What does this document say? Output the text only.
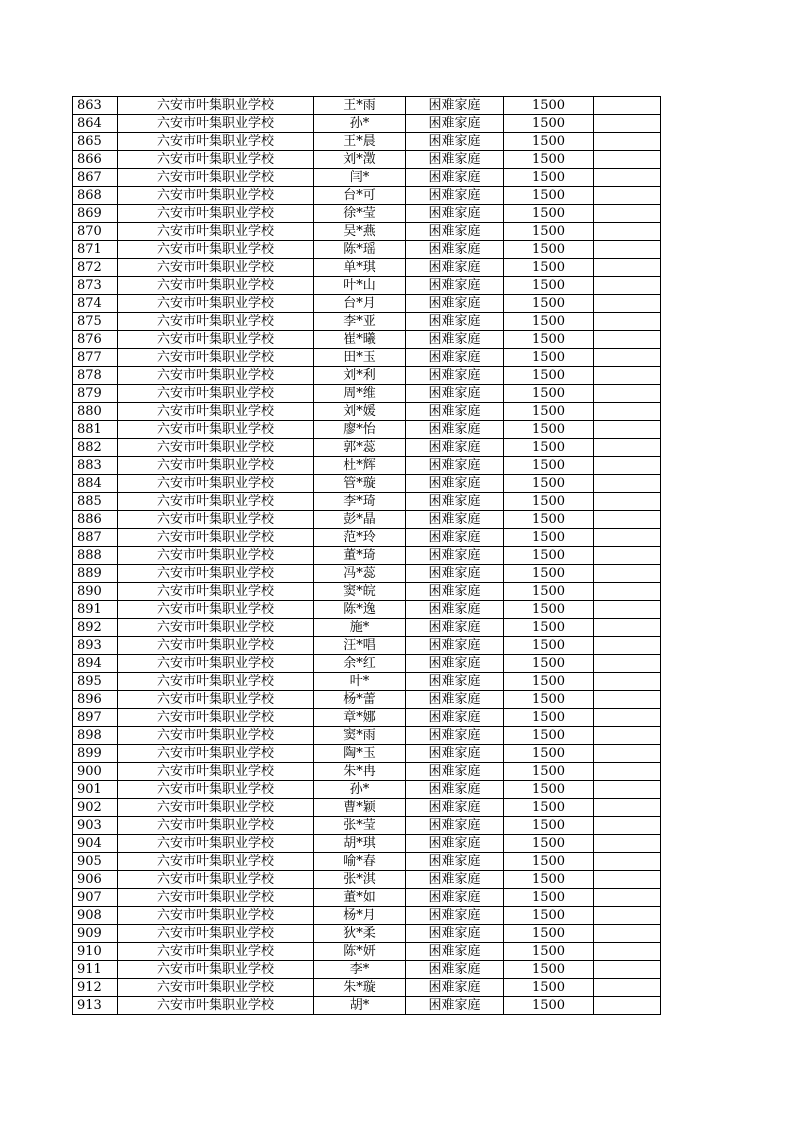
863	六安市叶集职业学校	王*雨	困难家庭	1500	
864	六安市叶集职业学校	孙*	困难家庭	1500	
865	六安市叶集职业学校	王*晨	困难家庭	1500	
866	六安市叶集职业学校	刘*澂	困难家庭	1500	
867	六安市叶集职业学校	闫*	困难家庭	1500	
868	六安市叶集职业学校	台*可	困难家庭	1500	
869	六安市叶集职业学校	徐*莹	困难家庭	1500	
870	六安市叶集职业学校	吴*燕	困难家庭	1500	
871	六安市叶集职业学校	陈*瑶	困难家庭	1500	
872	六安市叶集职业学校	单*琪	困难家庭	1500	
873	六安市叶集职业学校	叶*山	困难家庭	1500	
874	六安市叶集职业学校	台*月	困难家庭	1500	
875	六安市叶集职业学校	李*亚	困难家庭	1500	
876	六安市叶集职业学校	崔*曦	困难家庭	1500	
877	六安市叶集职业学校	田*玉	困难家庭	1500	
878	六安市叶集职业学校	刘*利	困难家庭	1500	
879	六安市叶集职业学校	周*维	困难家庭	1500	
880	六安市叶集职业学校	刘*媛	困难家庭	1500	
881	六安市叶集职业学校	廖*怡	困难家庭	1500	
882	六安市叶集职业学校	郭*蕊	困难家庭	1500	
883	六安市叶集职业学校	杜*辉	困难家庭	1500	
884	六安市叶集职业学校	管*璇	困难家庭	1500	
885	六安市叶集职业学校	李*琦	困难家庭	1500	
886	六安市叶集职业学校	彭*晶	困难家庭	1500	
887	六安市叶集职业学校	范*玲	困难家庭	1500	
888	六安市叶集职业学校	董*琦	困难家庭	1500	
889	六安市叶集职业学校	冯*蕊	困难家庭	1500	
890	六安市叶集职业学校	窦*皖	困难家庭	1500	
891	六安市叶集职业学校	陈*逸	困难家庭	1500	
892	六安市叶集职业学校	施*	困难家庭	1500	
893	六安市叶集职业学校	汪*唱	困难家庭	1500	
894	六安市叶集职业学校	余*红	困难家庭	1500	
895	六安市叶集职业学校	叶*	困难家庭	1500	
896	六安市叶集职业学校	杨*蕾	困难家庭	1500	
897	六安市叶集职业学校	章*娜	困难家庭	1500	
898	六安市叶集职业学校	窦*雨	困难家庭	1500	
899	六安市叶集职业学校	陶*玉	困难家庭	1500	
900	六安市叶集职业学校	朱*冉	困难家庭	1500	
901	六安市叶集职业学校	孙*	困难家庭	1500	
902	六安市叶集职业学校	曹*颖	困难家庭	1500	
903	六安市叶集职业学校	张*莹	困难家庭	1500	
904	六安市叶集职业学校	胡*琪	困难家庭	1500	
905	六安市叶集职业学校	喻*春	困难家庭	1500	
906	六安市叶集职业学校	张*淇	困难家庭	1500	
907	六安市叶集职业学校	董*如	困难家庭	1500	
908	六安市叶集职业学校	杨*月	困难家庭	1500	
909	六安市叶集职业学校	狄*柔	困难家庭	1500	
910	六安市叶集职业学校	陈*妍	困难家庭	1500	
911	六安市叶集职业学校	李*	困难家庭	1500	
912	六安市叶集职业学校	朱*璇	困难家庭	1500	
913	六安市叶集职业学校	胡*	困难家庭	1500	
